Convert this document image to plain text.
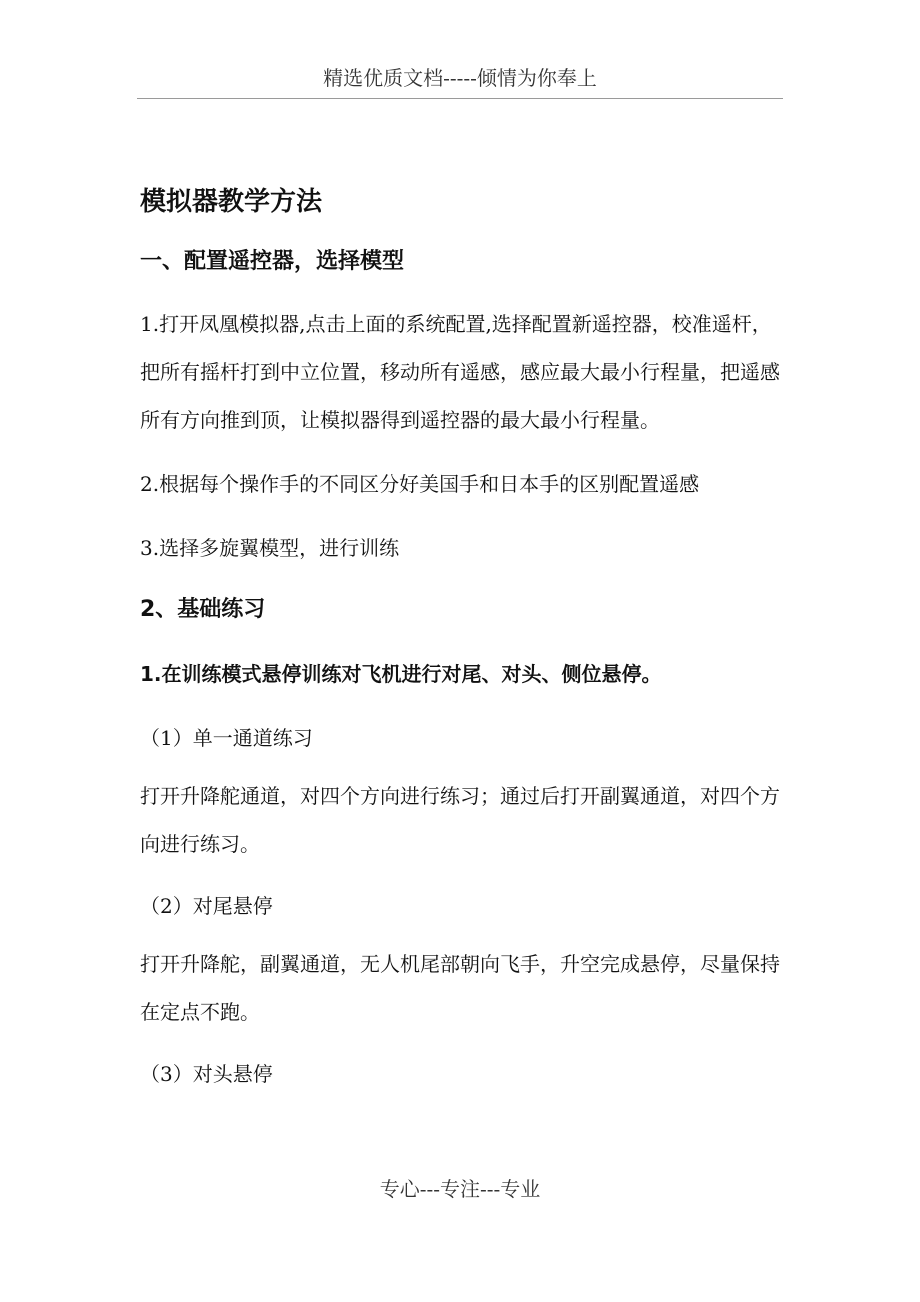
精选优质文档-----倾情为你奉上
模拟器教学方法
一、配置遥控器，选择模型

1.打开凤凰模拟器,点击上面的系统配置,选择配置新遥控器，校准遥杆，把所有摇杆打到中立位置，移动所有遥感，感应最大最小行程量，把遥感所有方向推到顶，让模拟器得到遥控器的最大最小行程量。

2.根据每个操作手的不同区分好美国手和日本手的区别配置遥感

3.选择多旋翼模型，进行训练

2、基础练习

1.在训练模式悬停训练对飞机进行对尾、对头、侧位悬停。

（1）单一通道练习

打开升降舵通道，对四个方向进行练习；通过后打开副翼通道，对四个方向进行练习。

（2）对尾悬停

打开升降舵，副翼通道，无人机尾部朝向飞手，升空完成悬停，尽量保持在定点不跑。

（3）对头悬停

专心---专注---专业
